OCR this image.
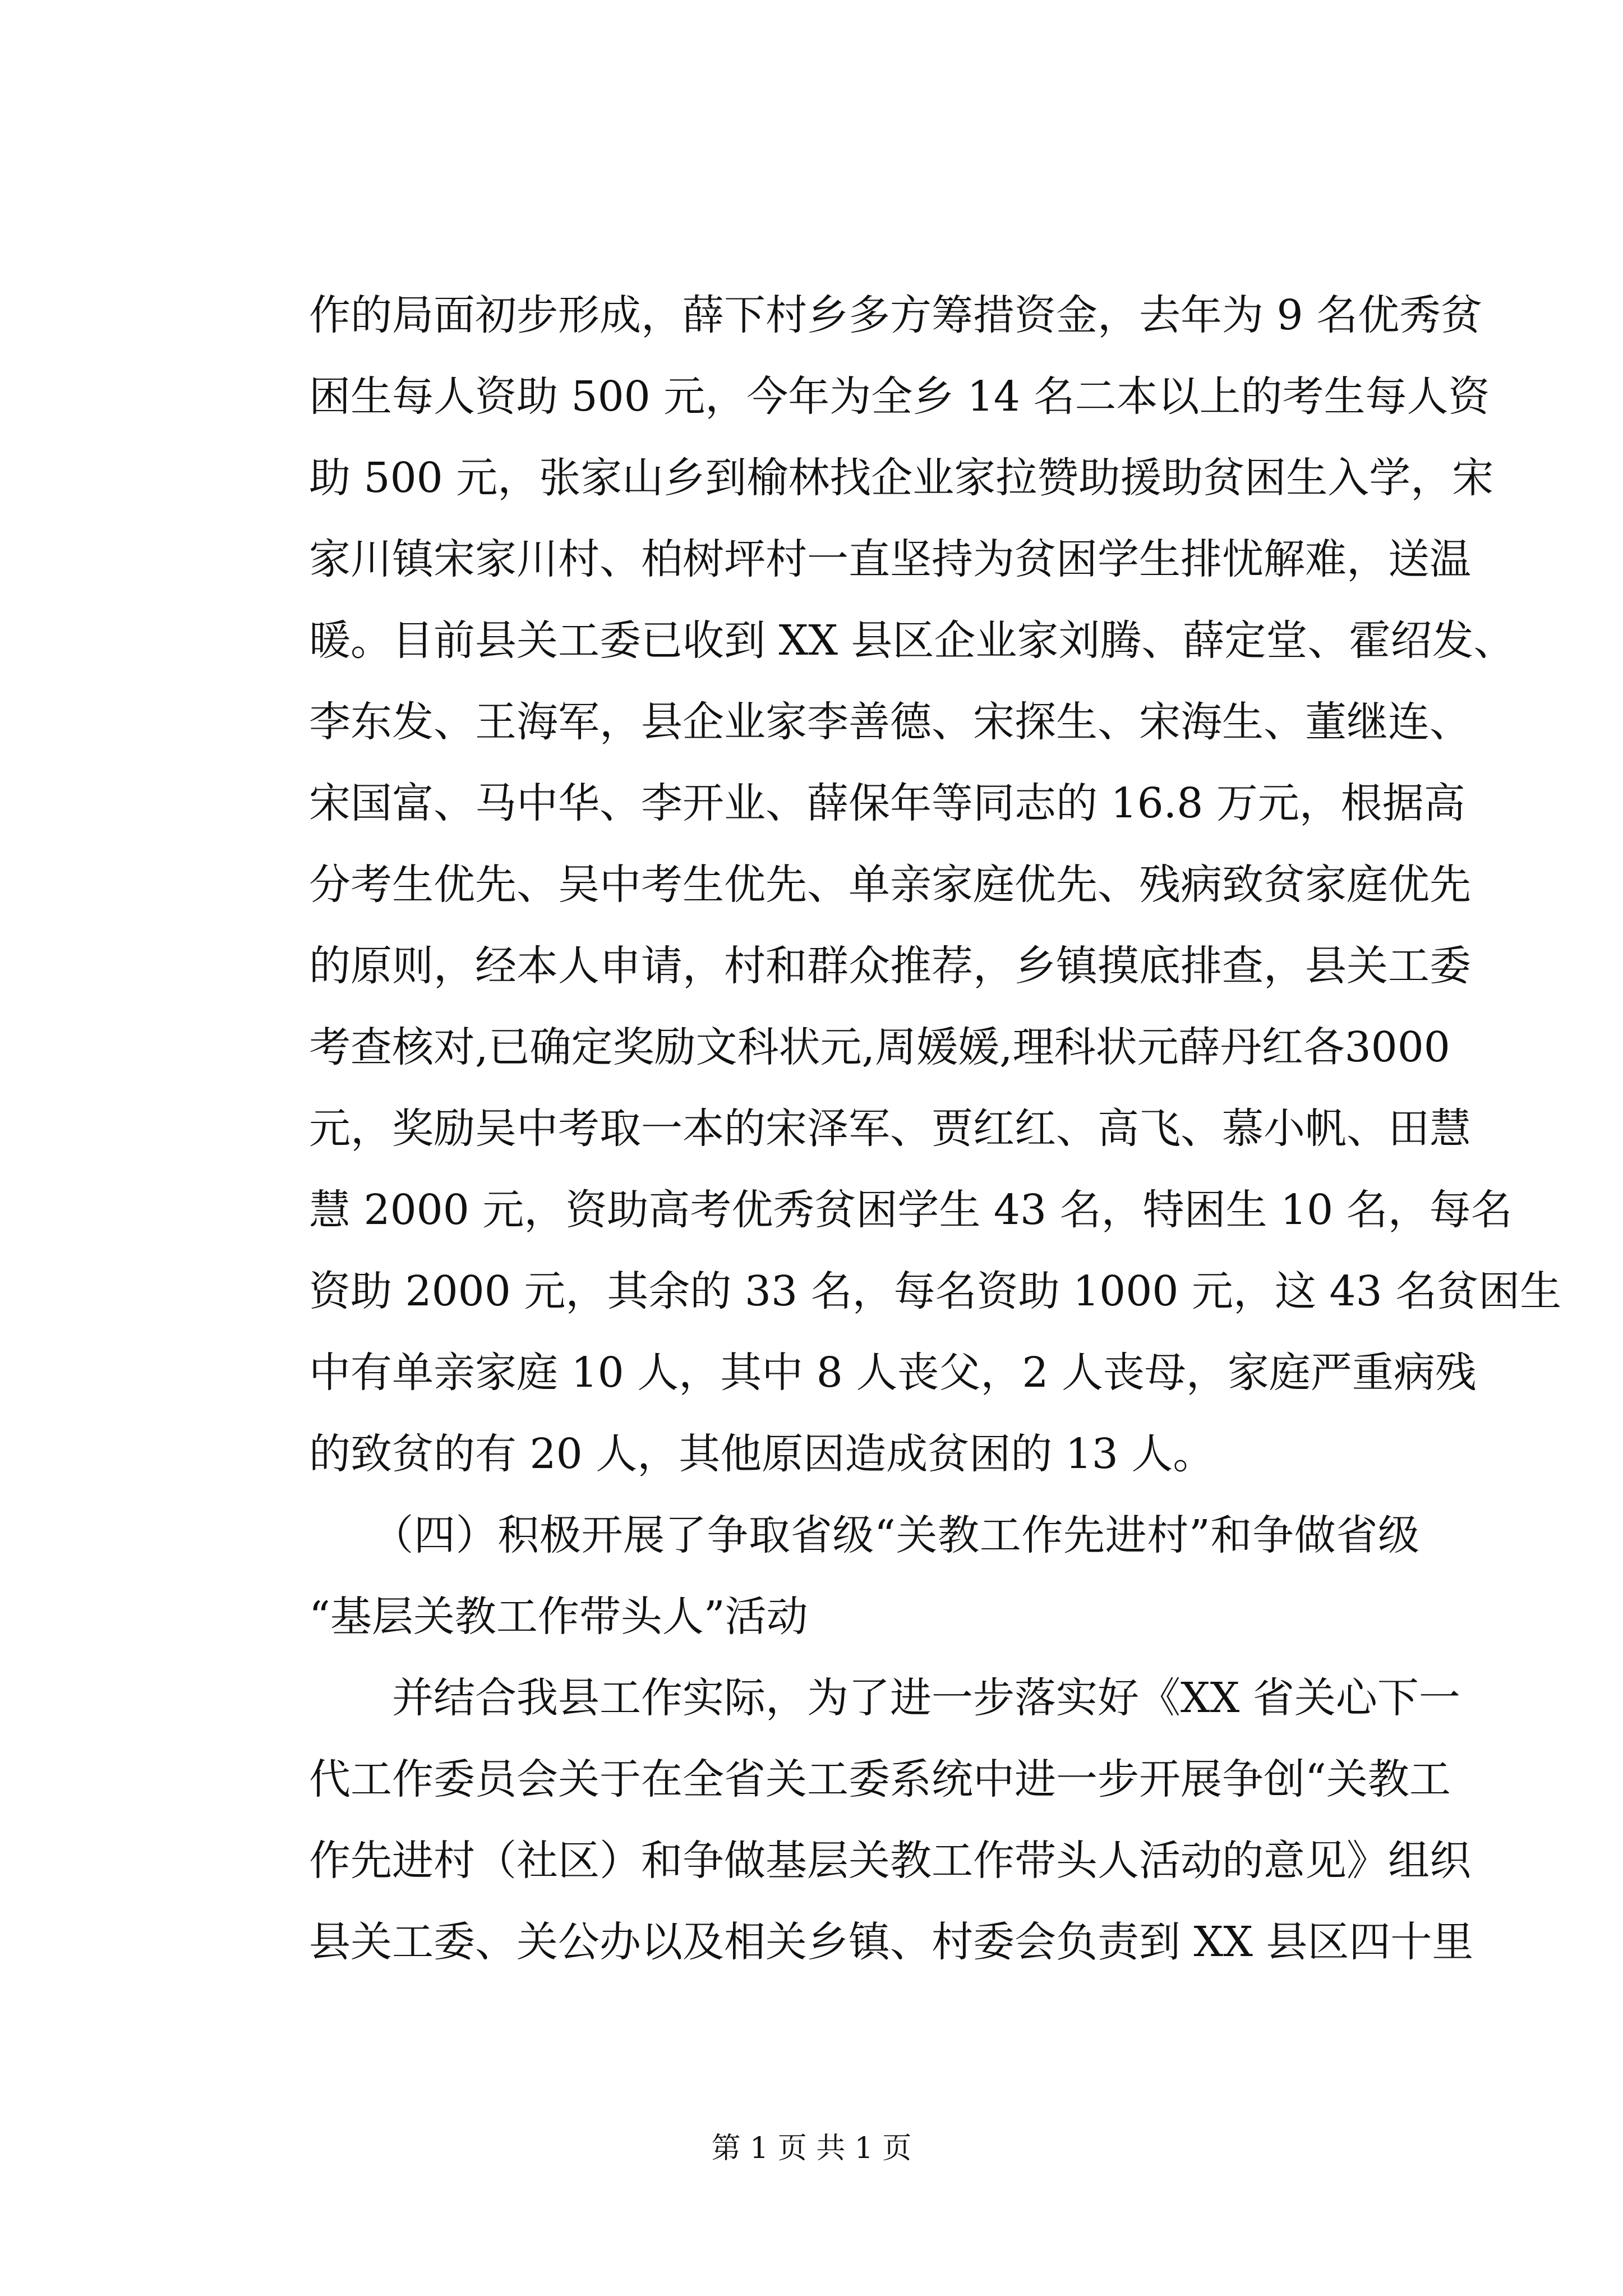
作的局面初步形成，薛下村乡多方筹措资金，去年为 9 名优秀贫
困生每人资助 500 元，今年为全乡 14 名二本以上的考生每人资
助 500 元，张家山乡到榆林找企业家拉赞助援助贫困生入学，宋
家川镇宋家川村、柏树坪村一直坚持为贫困学生排忧解难，送温
暖。目前县关工委已收到 XX 县区企业家刘腾、薛定堂、霍绍发、
李东发、王海军，县企业家李善德、宋探生、宋海生、董继连、
宋国富、马中华、李开业、薛保年等同志的 16.8 万元，根据高
分考生优先、吴中考生优先、单亲家庭优先、残病致贫家庭优先
的原则，经本人申请，村和群众推荐，乡镇摸底排查，县关工委
考查核对,已确定奖励文科状元,周媛媛,理科状元薛丹红各3000
元，奖励吴中考取一本的宋泽军、贾红红、高飞、慕小帆、田慧
慧 2000 元，资助高考优秀贫困学生 43 名，特困生 10 名，每名
资助 2000 元，其余的 33 名，每名资助 1000 元，这 43 名贫困生
中有单亲家庭 10 人，其中 8 人丧父，2 人丧母，家庭严重病残
的致贫的有 20 人，其他原因造成贫困的 13 人。
　　（四）积极开展了争取省级“关教工作先进村”和争做省级
“基层关教工作带头人”活动
　　并结合我县工作实际，为了进一步落实好《XX 省关心下一
代工作委员会关于在全省关工委系统中进一步开展争创“关教工
作先进村（社区）和争做基层关教工作带头人活动的意见》组织
县关工委、关公办以及相关乡镇、村委会负责到 XX 县区四十里
第 1 页 共 1 页
